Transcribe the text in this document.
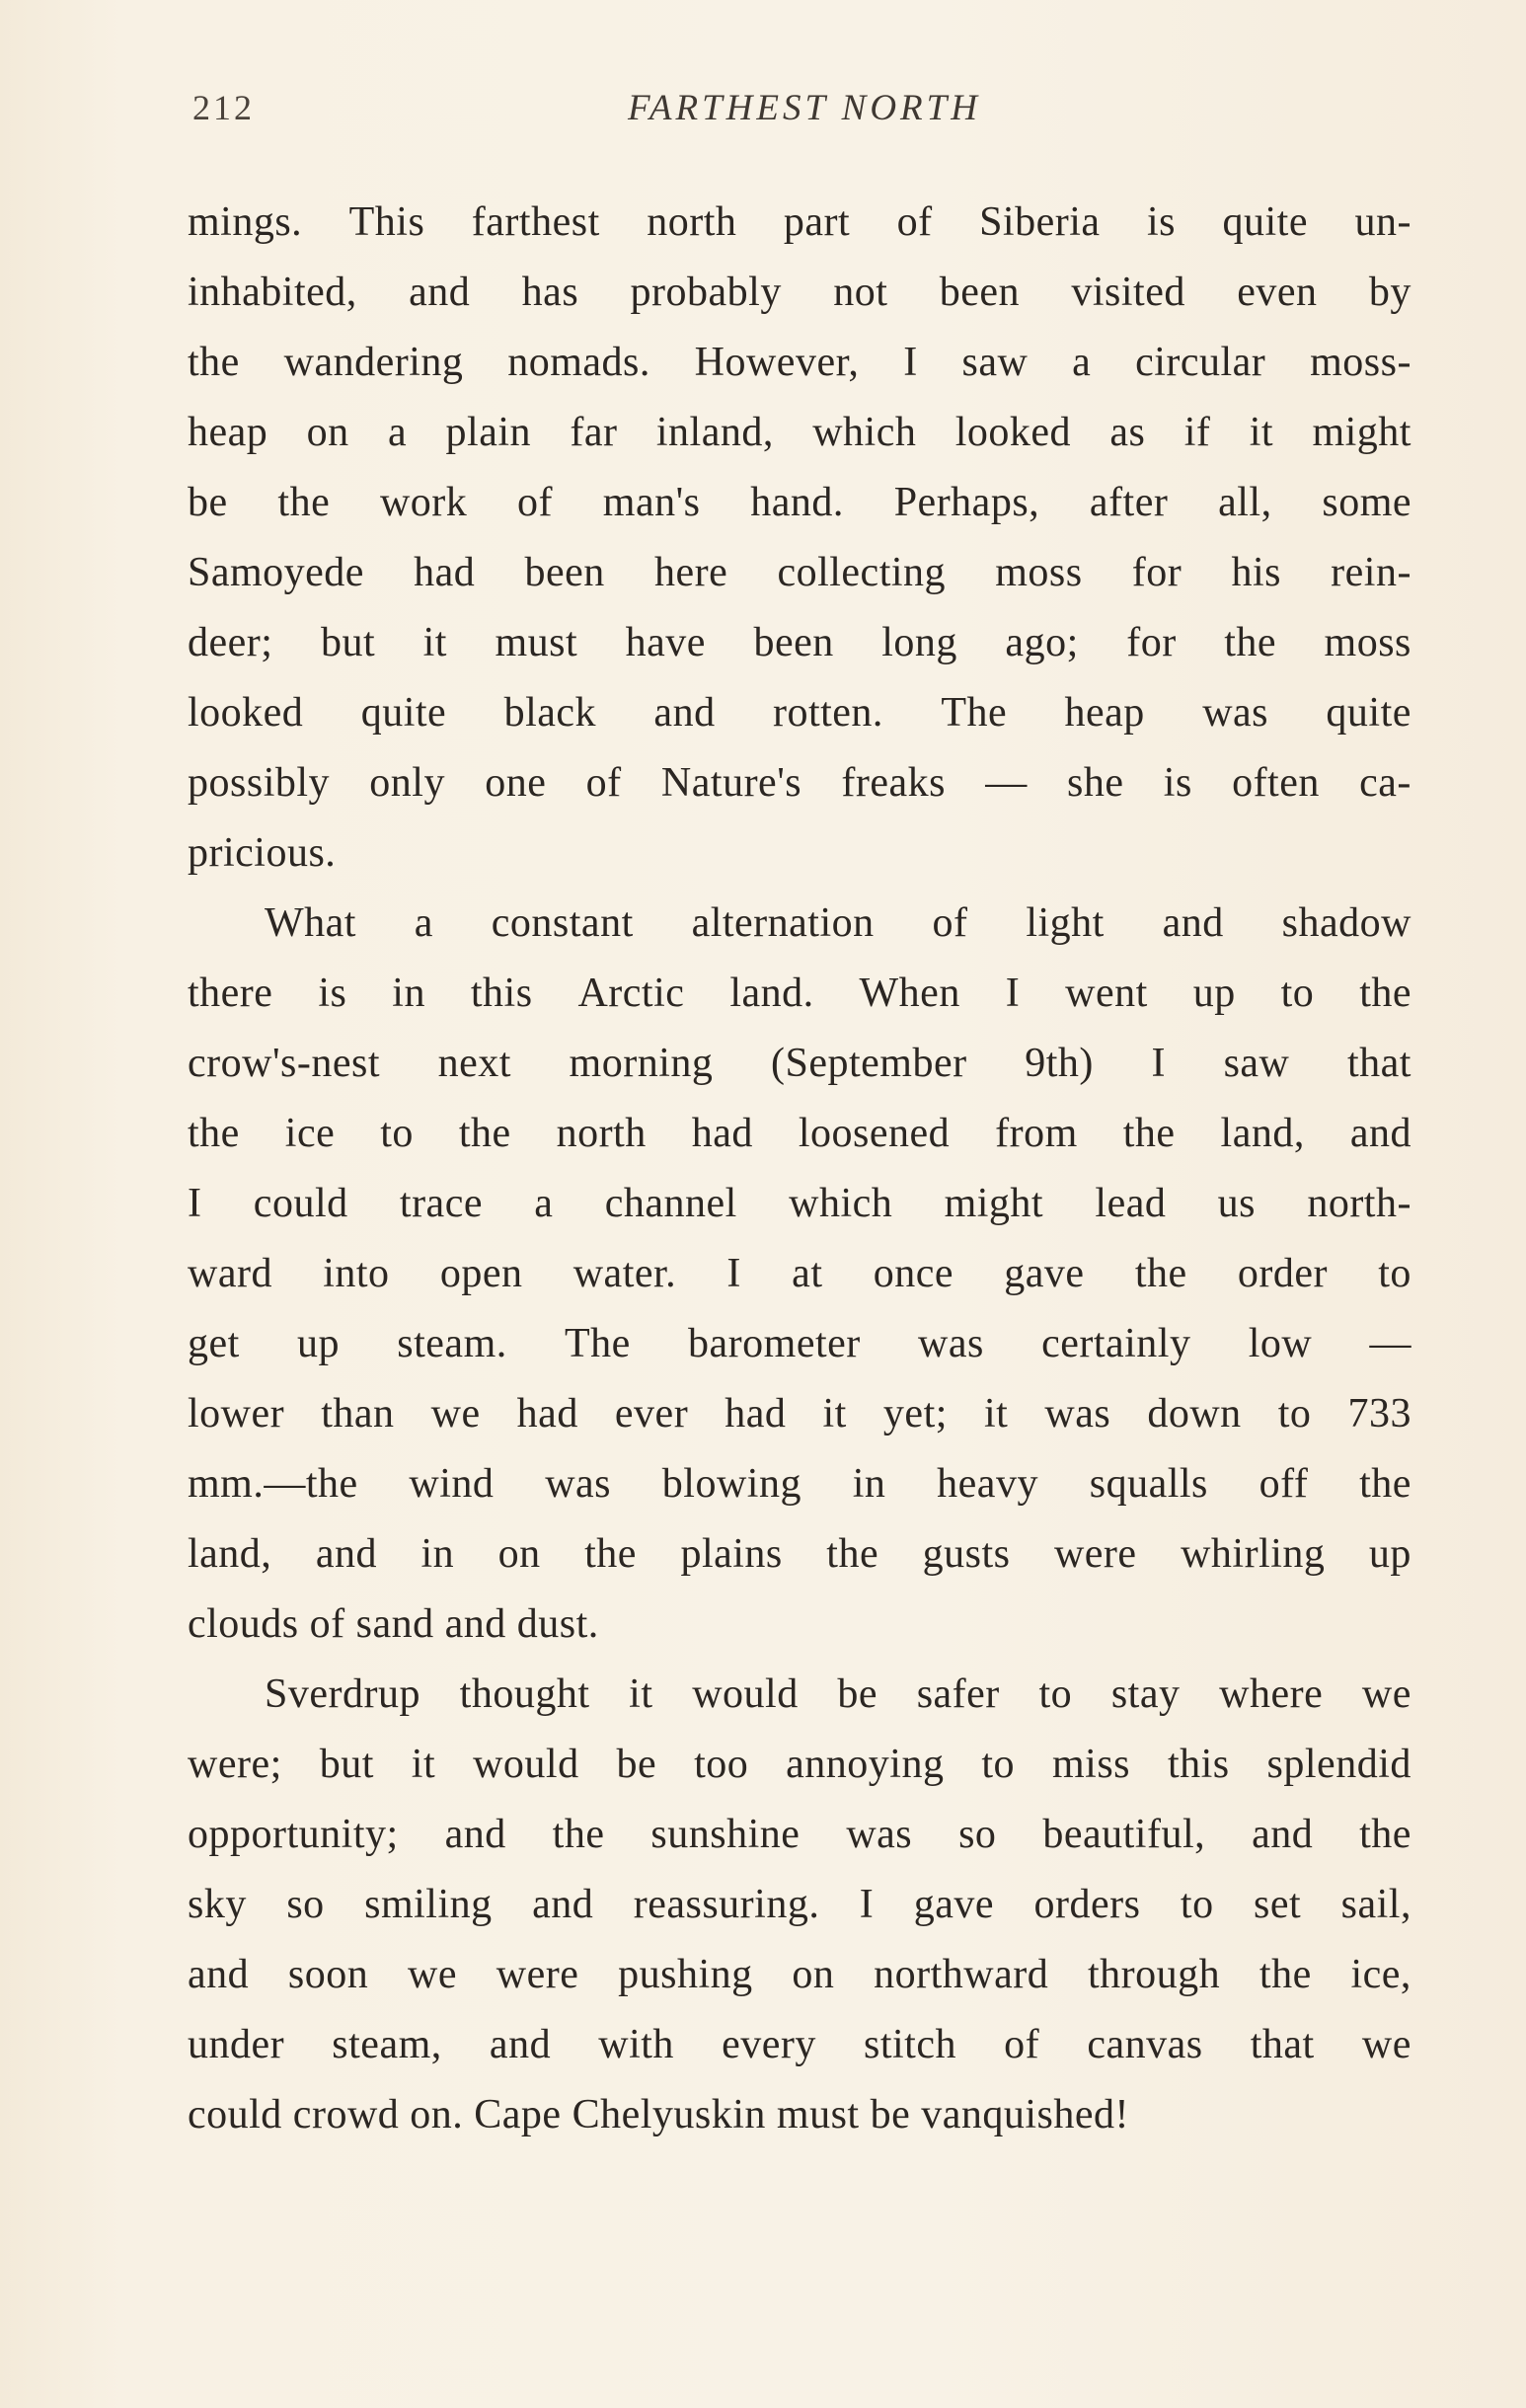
212	FARTHEST NORTH
mings. This farthest north part of Siberia is quite un-
inhabited, and has probably not been visited even by
the wandering nomads. However, I saw a circular moss-
heap on a plain far inland, which looked as if it might
be the work of man's hand. Perhaps, after all, some
Samoyede had been here collecting moss for his rein-
deer; but it must have been long ago; for the moss
looked quite black and rotten. The heap was quite
possibly only one of Nature's freaks — she is often ca-
pricious.
What a constant alternation of light and shadow
there is in this Arctic land. When I went up to the
crow's-nest next morning (September 9th) I saw that
the ice to the north had loosened from the land, and
I could trace a channel which might lead us north-
ward into open water. I at once gave the order to
get up steam. The barometer was certainly low —
lower than we had ever had it yet; it was down to 733
mm.—the wind was blowing in heavy squalls off the
land, and in on the plains the gusts were whirling up
clouds of sand and dust.
Sverdrup thought it would be safer to stay where we
were; but it would be too annoying to miss this splendid
opportunity; and the sunshine was so beautiful, and the
sky so smiling and reassuring. I gave orders to set sail,
and soon we were pushing on northward through the ice,
under steam, and with every stitch of canvas that we
could crowd on. Cape Chelyuskin must be vanquished!
